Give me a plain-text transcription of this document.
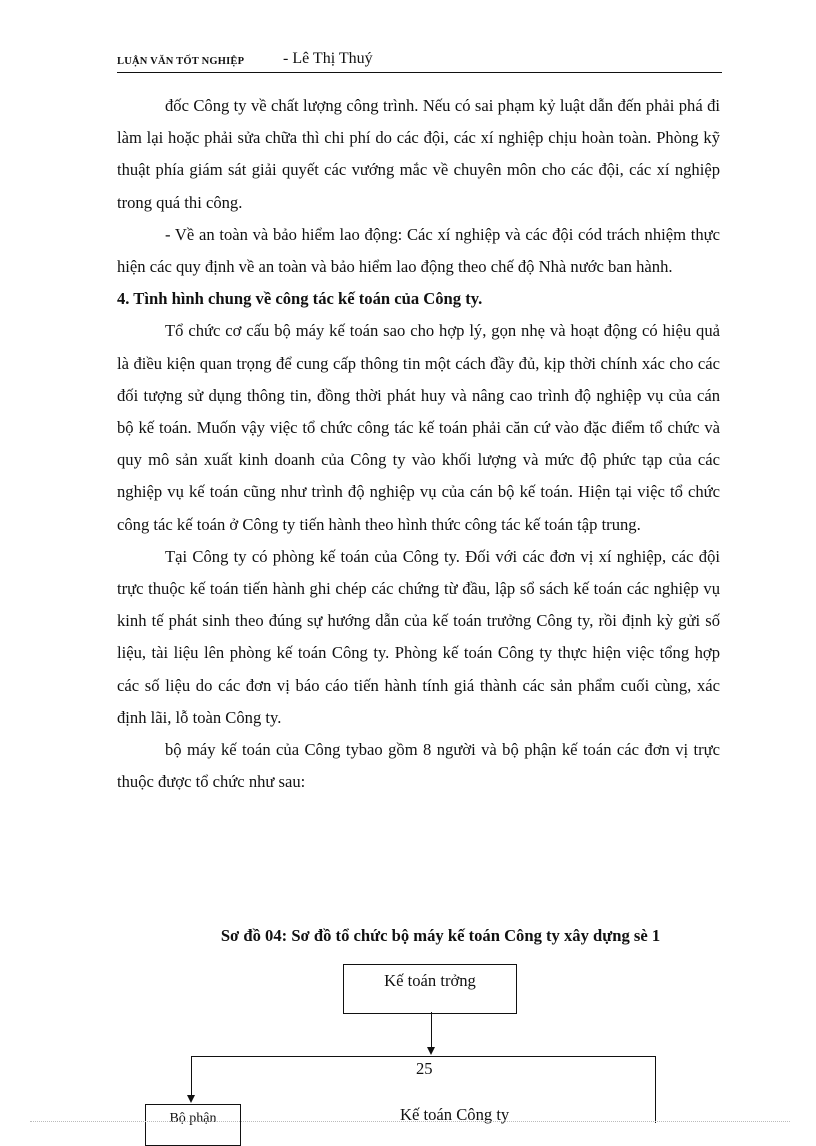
LUẬN VĂN TỐT NGHIỆP - Lê Thị Thuý

đốc Công ty về chất lượng công trình. Nếu có sai phạm kỷ luật dẫn đến phải phá đi làm lại hoặc phải sửa chữa thì chi phí do các đội, các xí nghiệp chịu hoàn toàn. Phòng kỹ thuật phía giám sát giải quyết các vướng mắc về chuyên môn cho các đội, các xí nghiệp trong quá thi công.

- Về an toàn và bảo hiểm lao động: Các xí nghiệp và các đội cód trách nhiệm thực hiện các quy định về an toàn và bảo hiểm lao động theo chế độ Nhà nước ban hành.

4. Tình hình chung về công tác kế toán của Công ty.

Tổ chức cơ cấu bộ máy kế toán sao cho hợp lý, gọn nhẹ và hoạt động có hiệu quả là điều kiện quan trọng để cung cấp thông tin một cách đầy đủ, kịp thời chính xác cho các đối tượng sử dụng thông tin, đồng thời phát huy và nâng cao trình độ nghiệp vụ của cán bộ kế toán. Muốn vậy việc tổ chức công tác kế toán phải căn cứ vào đặc điểm tổ chức và quy mô sản xuất kinh doanh của Công ty vào khối lượng và mức độ phức tạp của các nghiệp vụ kế toán cũng như trình độ nghiệp vụ của cán bộ kế toán. Hiện tại việc tổ chức công tác kế toán ở Công ty tiến hành theo hình thức công tác kế toán tập trung.

Tại Công ty có phòng kế toán của Công ty. Đối với các đơn vị xí nghiệp, các đội trực thuộc kế toán tiến hành ghi chép các chứng từ đầu, lập sổ sách kế toán các nghiệp vụ kinh tế phát sinh theo đúng sự hướng dẫn của kế toán trưởng Công ty, rồi định kỳ gửi số liệu, tài liệu lên phòng kế toán Công ty. Phòng kế toán Công ty thực hiện việc tổng hợp các số liệu do các đơn vị báo cáo tiến hành tính giá thành các sản phẩm cuối cùng, xác định lãi, lỗ toàn Công ty.

bộ máy kế toán của Công tybao gồm 8 người và bộ phận kế toán các đơn vị trực thuộc được tổ chức như sau:

Sơ đồ 04: Sơ đồ tổ chức bộ máy kế toán Công ty xây dựng sè 1
Kế toán trởng
25
Bộ phận	Kế toán Công ty
